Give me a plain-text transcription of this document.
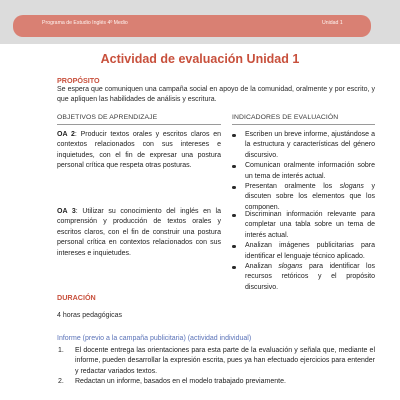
Programa de Estudio Inglés 4º Medio	Unidad 1
Actividad de evaluación Unidad 1
PROPÓSITO
Se espera que comuniquen una campaña social en apoyo de la comunidad, oralmente y por escrito, y que apliquen las habilidades de análisis y escritura.
OBJETIVOS DE APRENDIZAJE	INDICADORES DE EVALUACIÓN
OA 2: Producir textos orales y escritos claros en contextos relacionados con sus intereses e inquietudes, con el fin de expresar una postura personal crítica que respeta otras posturas.
Escriben un breve informe, ajustándose a la estructura y características del género discursivo.
Comunican oralmente información sobre un tema de interés actual.
Presentan oralmente los slogans y discuten sobre los elementos que los componen.
OA 3: Utilizar su conocimiento del inglés en la comprensión y producción de textos orales y escritos claros, con el fin de construir una postura personal crítica en contextos relacionados con sus intereses e inquietudes.
Discriminan información relevante para completar una tabla sobre un tema de interés actual.
Analizan imágenes publicitarias para identificar el lenguaje técnico aplicado.
Analizan slogans para identificar los recursos retóricos y el propósito discursivo.
DURACIÓN
4 horas pedagógicas
Informe (previo a la campaña publicitaria) (actividad individual)
1. El docente entrega las orientaciones para esta parte de la evaluación y señala que, mediante el informe, pueden desarrollar la expresión escrita, pues ya han efectuado ejercicios para entender y redactar variados textos.
2. Redactan un informe, basados en el modelo trabajado previamente.
